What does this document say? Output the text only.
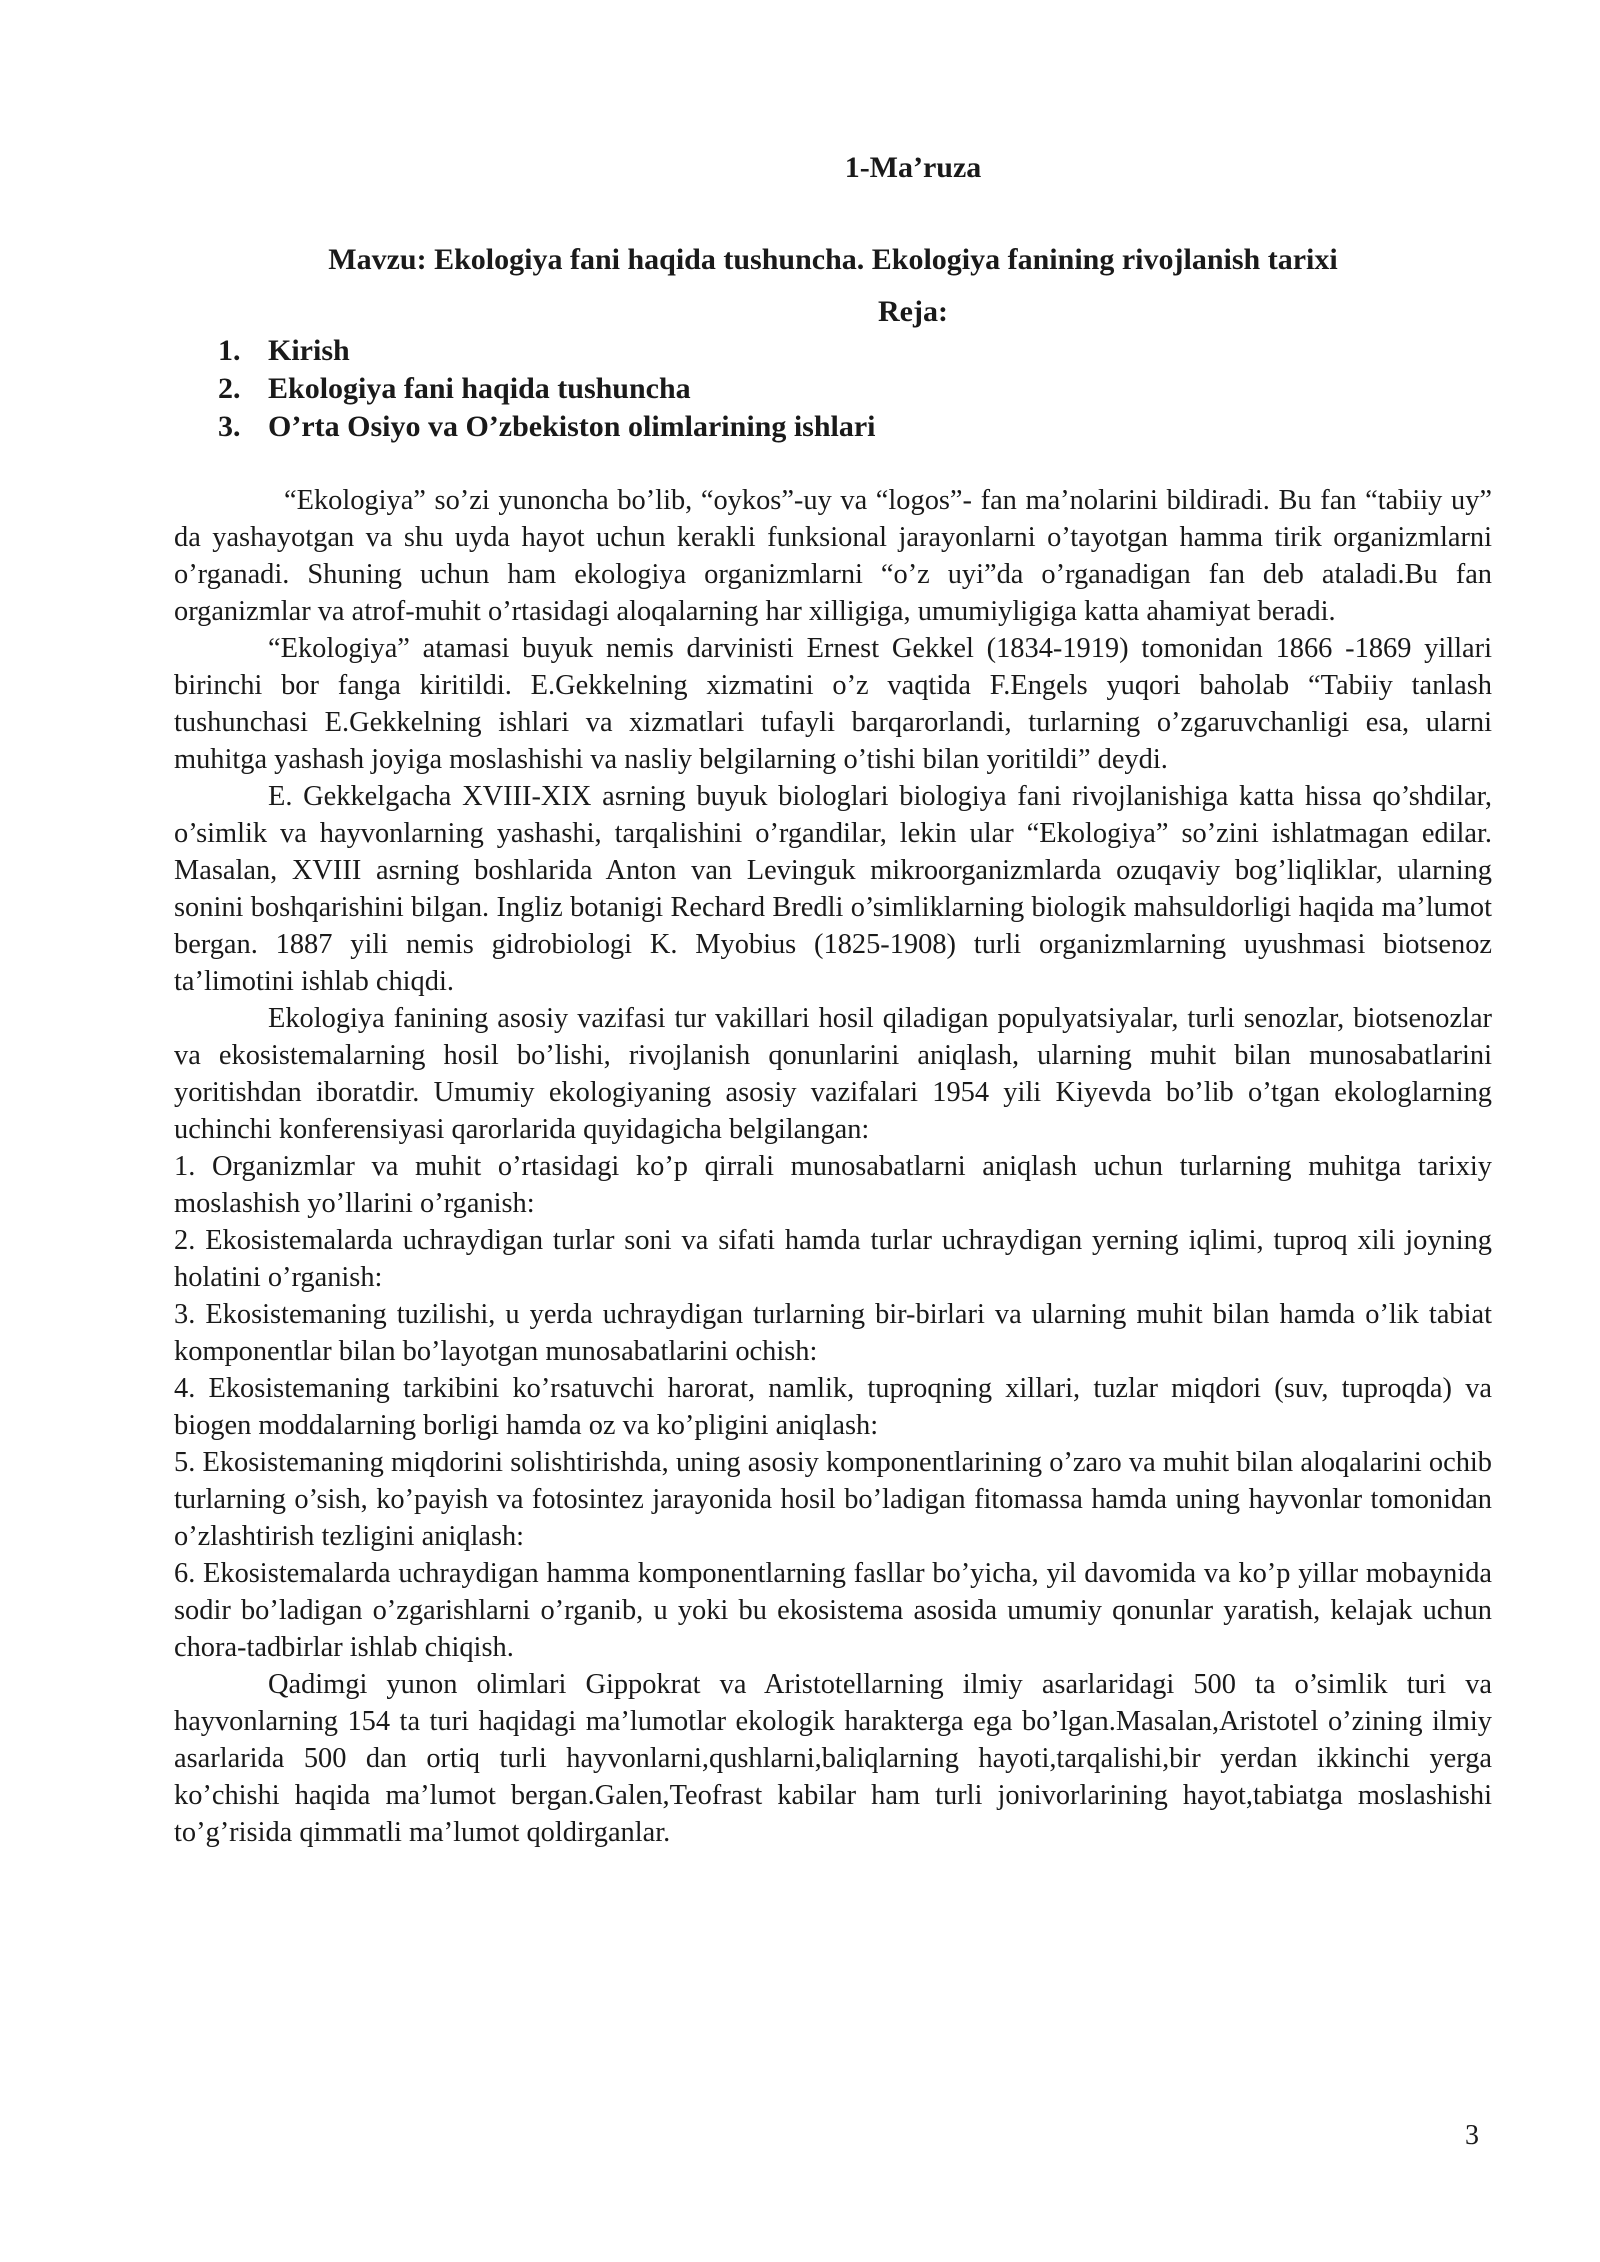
1-Ma’ruza
Mavzu: Ekologiya fani haqida tushuncha. Ekologiya fanining rivojlanish tarixi
Reja:
1. Kirish
2. Ekologiya fani haqida tushuncha
3. O’rta Osiyo va O’zbekiston olimlarining ishlari

“Ekologiya” so’zi yunoncha bo’lib, “oykos”-uy va “logos”- fan ma’nolarini bildiradi. Bu fan “tabiiy uy” da yashayotgan va shu uyda hayot uchun kerakli funksional jarayonlarni o’tayotgan hamma tirik organizmlarni o’rganadi. Shuning uchun ham ekologiya organizmlarni “o’z uyi”da o’rganadigan fan deb ataladi.Bu fan organizmlar va atrof-muhit o’rtasidagi aloqalarning har xilligiga, umumiyligiga katta ahamiyat beradi.

“Ekologiya” atamasi buyuk nemis darvinisti Ernest Gekkel (1834-1919) tomonidan 1866 -1869 yillari birinchi bor fanga kiritildi. E.Gekkelning xizmatini o’z vaqtida F.Engels yuqori baholab “Tabiiy tanlash tushunchasi E.Gekkelning ishlari va xizmatlari tufayli barqarorlandi, turlarning o’zgaruvchanligi esa, ularni muhitga yashash joyiga moslashishi va nasliy belgilarning o’tishi bilan yoritildi” deydi.

E. Gekkelgacha XVIII-XIX asrning buyuk biologlari biologiya fani rivojlanishiga katta hissa qo’shdilar, o’simlik va hayvonlarning yashashi, tarqalishini o’rgandilar, lekin ular “Ekologiya” so’zini ishlatmagan edilar. Masalan, XVIII asrning boshlarida Anton van Levinguk mikroorganizmlarda ozuqaviy bog’liqliklar, ularning sonini boshqarishini bilgan. Ingliz botanigi Rechard Bredli o’simliklarning biologik mahsuldorligi haqida ma’lumot bergan. 1887 yili nemis gidrobiologi K. Myobius (1825-1908) turli organizmlarning uyushmasi biotsenoz ta’limotini ishlab chiqdi.

Ekologiya fanining asosiy vazifasi tur vakillari hosil qiladigan populyatsiyalar, turli senozlar, biotsenozlar va ekosistemalarning hosil bo’lishi, rivojlanish qonunlarini aniqlash, ularning muhit bilan munosabatlarini yoritishdan iboratdir. Umumiy ekologiyaning asosiy vazifalari 1954 yili Kiyevda bo’lib o’tgan ekologlarning uchinchi konferensiyasi qarorlarida quyidagicha belgilangan:

1. Organizmlar va muhit o’rtasidagi ko’p qirrali munosabatlarni aniqlash uchun turlarning muhitga tarixiy moslashish yo’llarini o’rganish:

2. Ekosistemalarda uchraydigan turlar soni va sifati hamda turlar uchraydigan yerning iqlimi, tuproq xili joyning holatini o’rganish:

3. Ekosistemaning tuzilishi, u yerda uchraydigan turlarning bir-birlari va ularning muhit bilan hamda o’lik tabiat komponentlar bilan bo’layotgan munosabatlarini ochish:

4. Ekosistemaning tarkibini ko’rsatuvchi harorat, namlik, tuproqning xillari, tuzlar miqdori (suv, tuproqda) va biogen moddalarning borligi hamda oz va ko’pligini aniqlash:

5. Ekosistemaning miqdorini solishtirishda, uning asosiy komponentlarining o’zaro va muhit bilan aloqalarini ochib turlarning o’sish, ko’payish va fotosintez jarayonida hosil bo’ladigan fitomassa hamda uning hayvonlar tomonidan o’zlashtirish tezligini aniqlash:

6. Ekosistemalarda uchraydigan hamma komponentlarning fasllar bo’yicha, yil davomida va ko’p yillar mobaynida sodir bo’ladigan o’zgarishlarni o’rganib, u yoki bu ekosistema asosida umumiy qonunlar yaratish, kelajak uchun chora-tadbirlar ishlab chiqish.

Qadimgi yunon olimlari Gippokrat va Aristotellarning ilmiy asarlaridagi 500 ta o’simlik turi va hayvonlarning 154 ta turi haqidagi ma’lumotlar ekologik harakterga ega bo’lgan.Masalan,Aristotel o’zining ilmiy asarlarida 500 dan ortiq turli hayvonlarni,qushlarni,baliqlarning hayoti,tarqalishi,bir yerdan ikkinchi yerga ko’chishi haqida ma’lumot bergan.Galen,Teofrast kabilar ham turli jonivorlarining hayot,tabiatga moslashishi to’g’risida qimmatli ma’lumot qoldirganlar.

3
